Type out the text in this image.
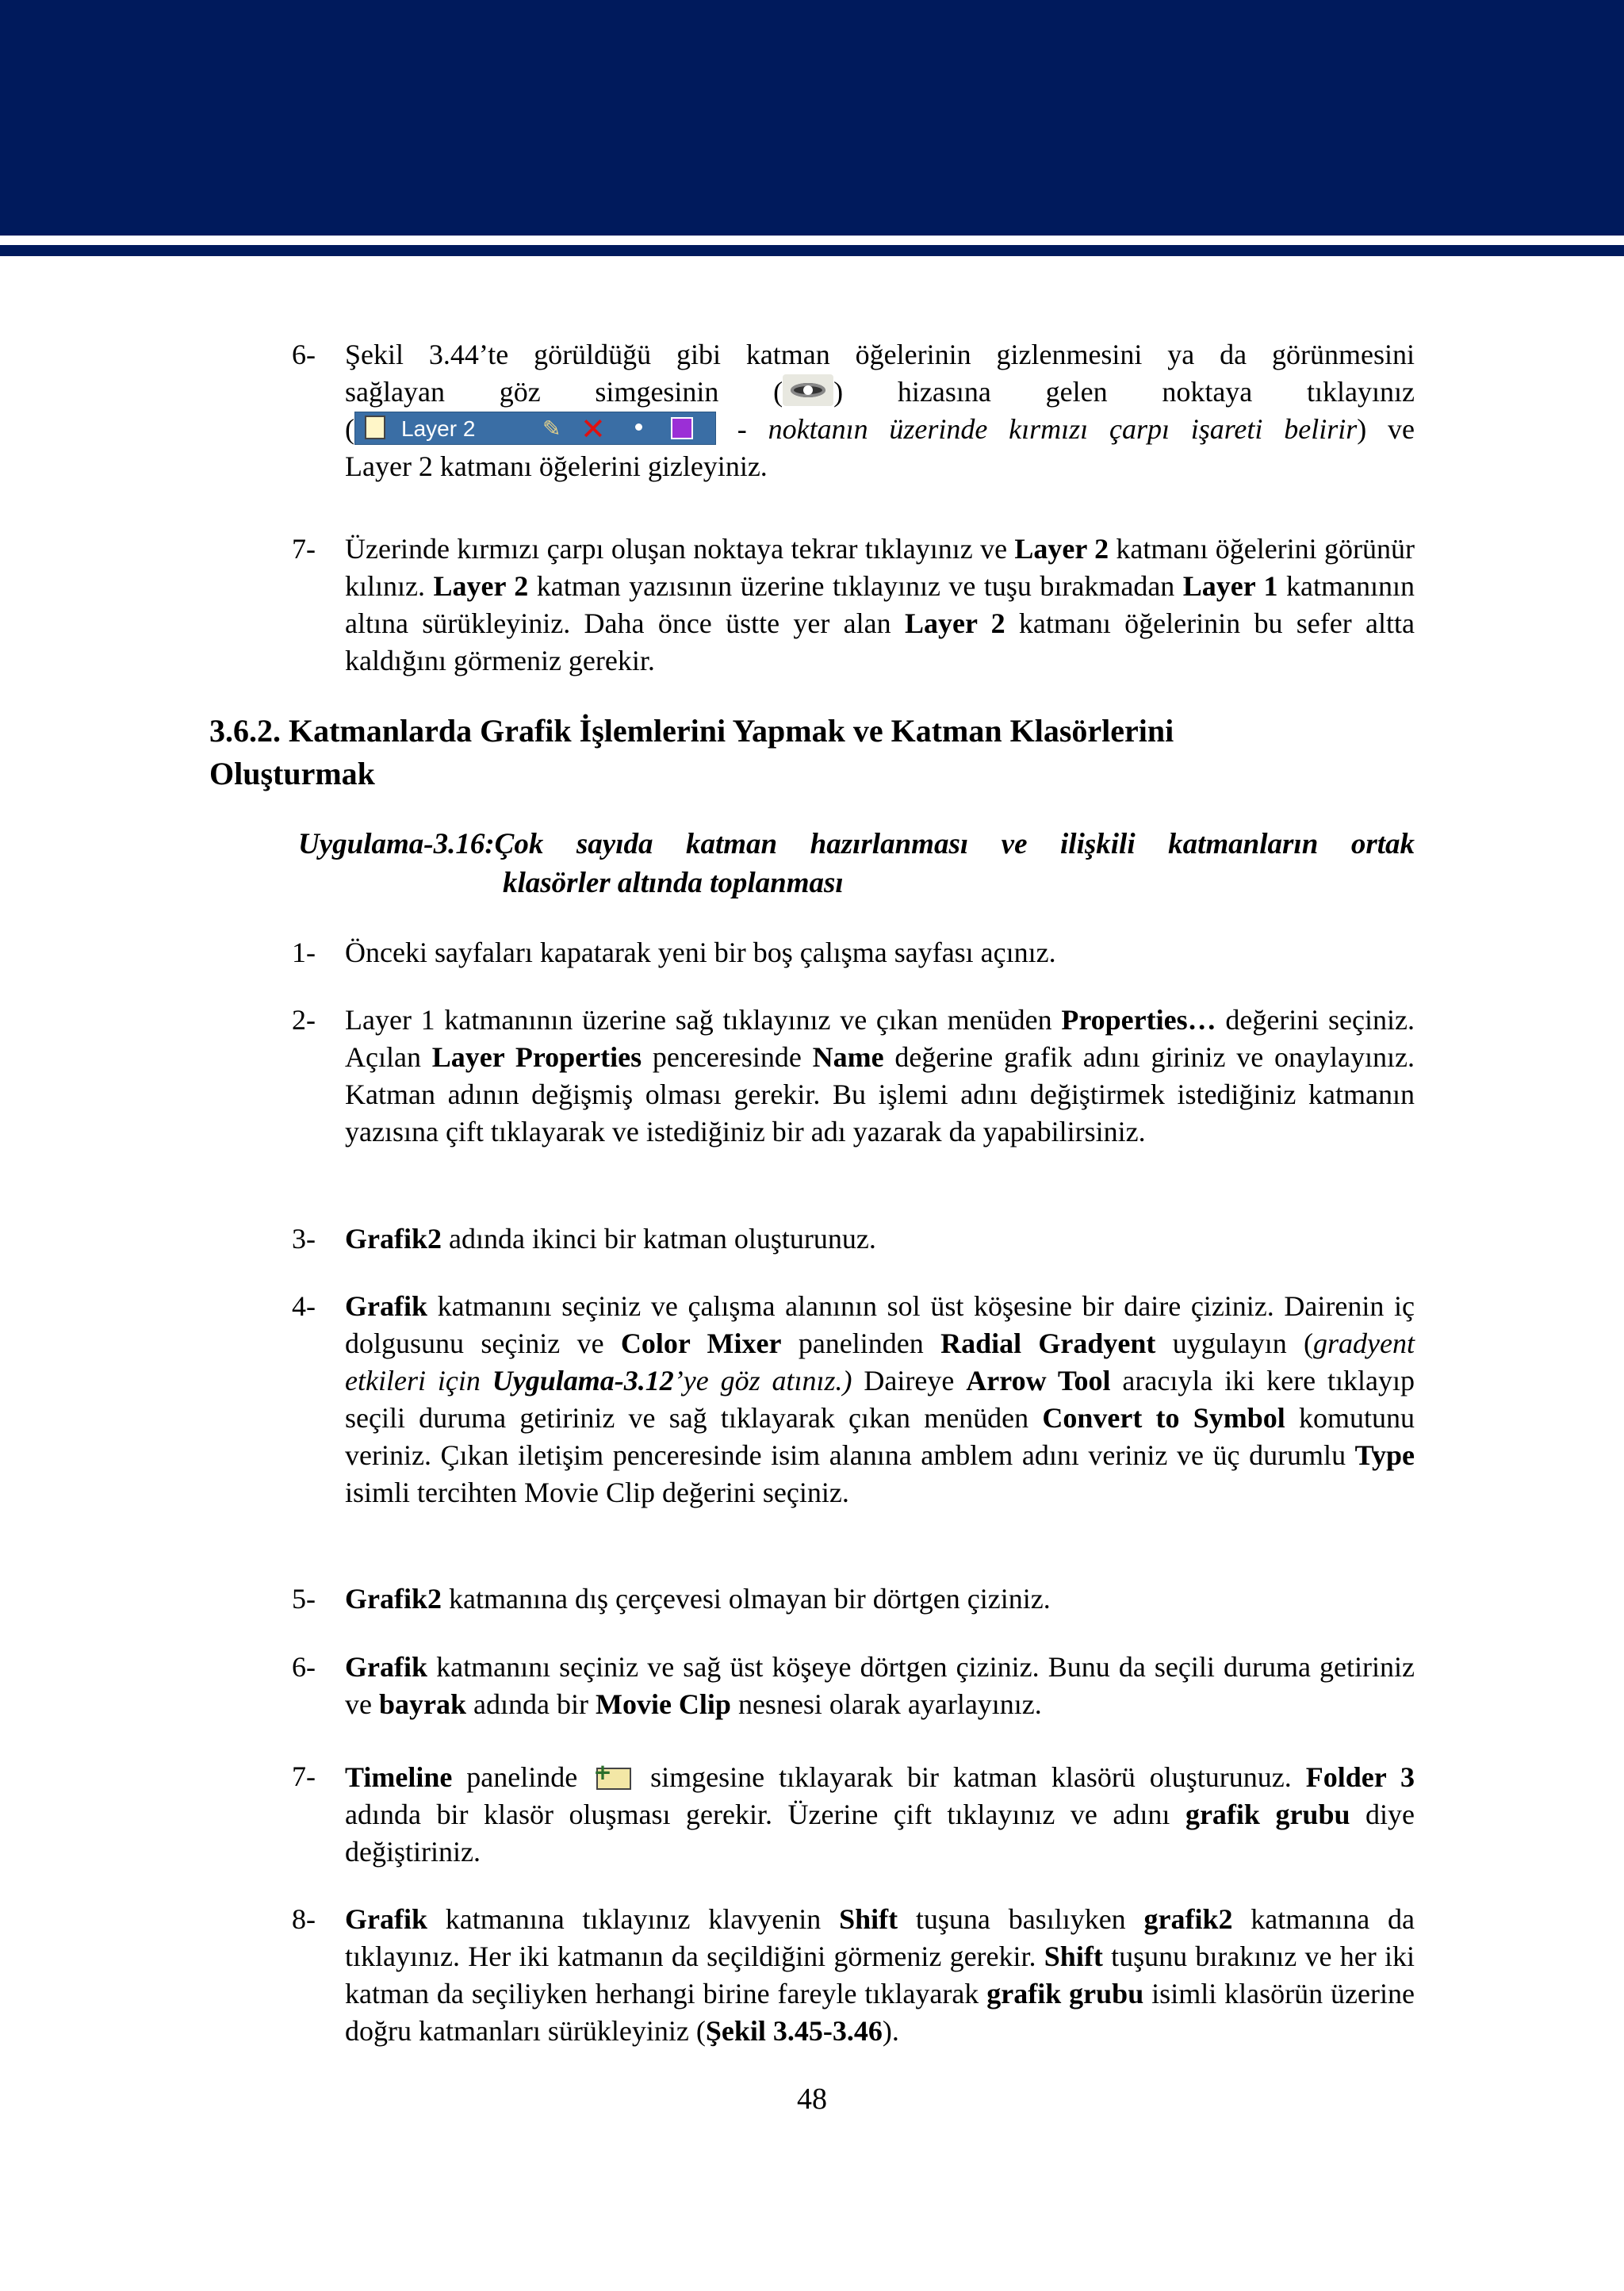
6- Şekil 3.44’te görüldüğü gibi katman öğelerinin gizlenmesini ya da görünmesini
sağlayan göz simgesinin ( ) hizasına gelen noktaya tıklayınız
( Layer 2	✎ ✕	- noktanın üzerinde kırmızı çarpı işareti belirir) ve
Layer 2 katmanı öğelerini gizleyiniz.
7- Üzerinde kırmızı çarpı oluşan noktaya tekrar tıklayınız ve Layer 2 katmanı öğelerini görünür kılınız. Layer 2 katman yazısının üzerine tıklayınız ve tuşu bırakmadan Layer 1 katmanının altına sürükleyiniz. Daha önce üstte yer alan Layer 2 katmanı öğelerinin bu sefer altta kaldığını görmeniz gerekir.
3.6.2. Katmanlarda Grafik İşlemlerini Yapmak ve Katman Klasörlerini
Oluşturmak
Uygulama-3.16:Çok sayıda katman hazırlanması ve ilişkili katmanların ortak
klasörler altında toplanması
1- Önceki sayfaları kapatarak yeni bir boş çalışma sayfası açınız.
2- Layer 1 katmanının üzerine sağ tıklayınız ve çıkan menüden Properties… değerini seçiniz. Açılan Layer Properties penceresinde Name değerine grafik adını giriniz ve onaylayınız. Katman adının değişmiş olması gerekir. Bu işlemi adını değiştirmek istediğiniz katmanın yazısına çift tıklayarak ve istediğiniz bir adı yazarak da yapabilirsiniz.
3- Grafik2 adında ikinci bir katman oluşturunuz.
4- Grafik katmanını seçiniz ve çalışma alanının sol üst köşesine bir daire çiziniz. Dairenin iç dolgusunu seçiniz ve Color Mixer panelinden Radial Gradyent uygulayın (gradyent etkileri için Uygulama-3.12’ye göz atınız.) Daireye Arrow Tool aracıyla iki kere tıklayıp seçili duruma getiriniz ve sağ tıklayarak çıkan menüden Convert to Symbol komutunu veriniz. Çıkan iletişim penceresinde isim alanına amblem adını veriniz ve üç durumlu Type isimli tercihten Movie Clip değerini seçiniz.
5- Grafik2 katmanına dış çerçevesi olmayan bir dörtgen çiziniz.
6- Grafik katmanını seçiniz ve sağ üst köşeye dörtgen çiziniz. Bunu da seçili duruma getiriniz ve bayrak adında bir Movie Clip nesnesi olarak ayarlayınız.
7- Timeline panelinde + simgesine tıklayarak bir katman klasörü oluşturunuz. Folder 3 adında bir klasör oluşması gerekir. Üzerine çift tıklayınız ve adını grafik grubu diye değiştiriniz.
8- Grafik katmanına tıklayınız klavyenin Shift tuşuna basılıyken grafik2 katmanına da tıklayınız. Her iki katmanın da seçildiğini görmeniz gerekir. Shift tuşunu bırakınız ve her iki katman da seçiliyken herhangi birine fareyle tıklayarak grafik grubu isimli klasörün üzerine doğru katmanları sürükleyiniz (Şekil 3.45-3.46).
48
